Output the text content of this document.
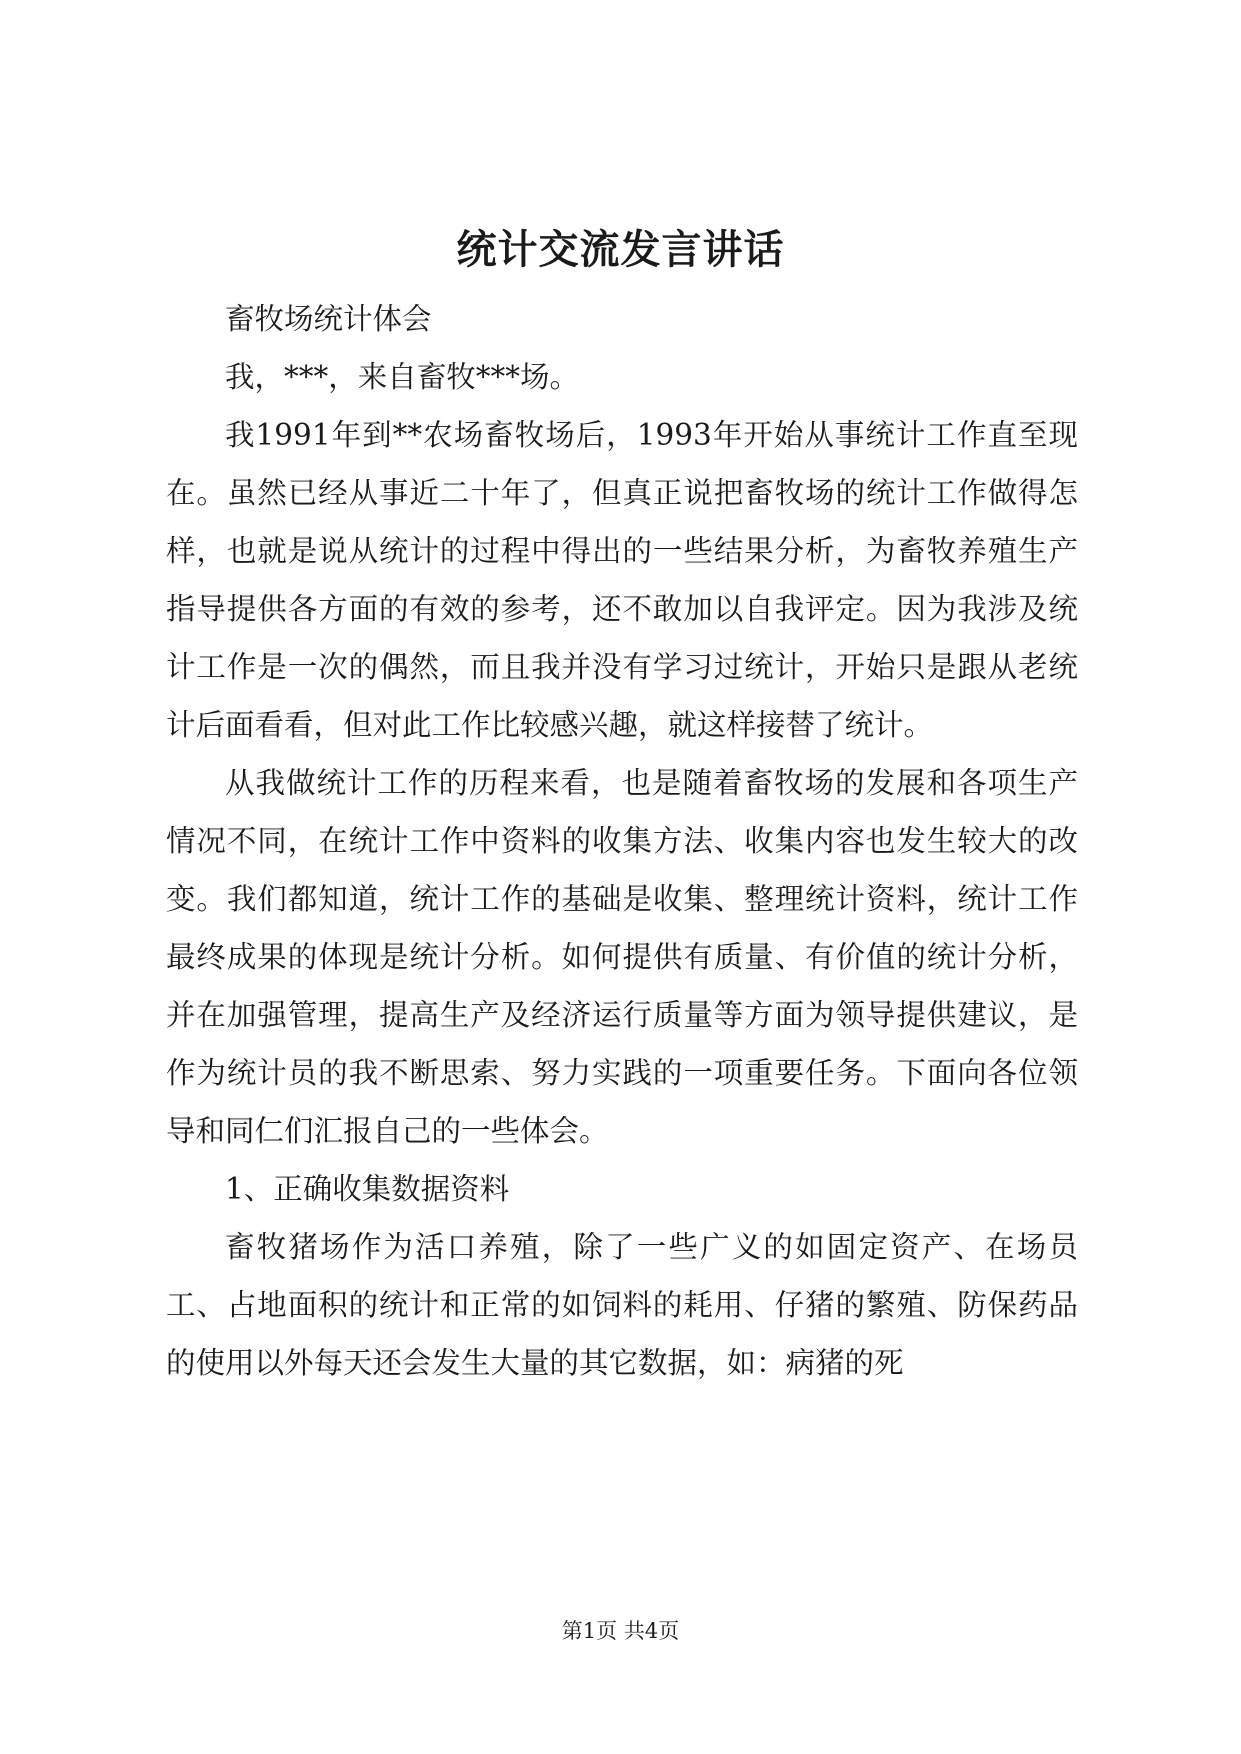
统计交流发言讲话

畜牧场统计体会

我，***，来自畜牧***场。

我1991年到**农场畜牧场后，1993年开始从事统计工作直至现在。虽然已经从事近二十年了，但真正说把畜牧场的统计工作做得怎样，也就是说从统计的过程中得出的一些结果分析，为畜牧养殖生产指导提供各方面的有效的参考，还不敢加以自我评定。因为我涉及统计工作是一次的偶然，而且我并没有学习过统计，开始只是跟从老统计后面看看，但对此工作比较感兴趣，就这样接替了统计。

从我做统计工作的历程来看，也是随着畜牧场的发展和各项生产情况不同，在统计工作中资料的收集方法、收集内容也发生较大的改变。我们都知道，统计工作的基础是收集、整理统计资料，统计工作最终成果的体现是统计分析。如何提供有质量、有价值的统计分析，并在加强管理，提高生产及经济运行质量等方面为领导提供建议，是作为统计员的我不断思索、努力实践的一项重要任务。下面向各位领导和同仁们汇报自己的一些体会。

1、正确收集数据资料

畜牧猪场作为活口养殖，除了一些广义的如固定资产、在场员工、占地面积的统计和正常的如饲料的耗用、仔猪的繁殖、防保药品的使用以外每天还会发生大量的其它数据，如：病猪的死

第1页 共4页
